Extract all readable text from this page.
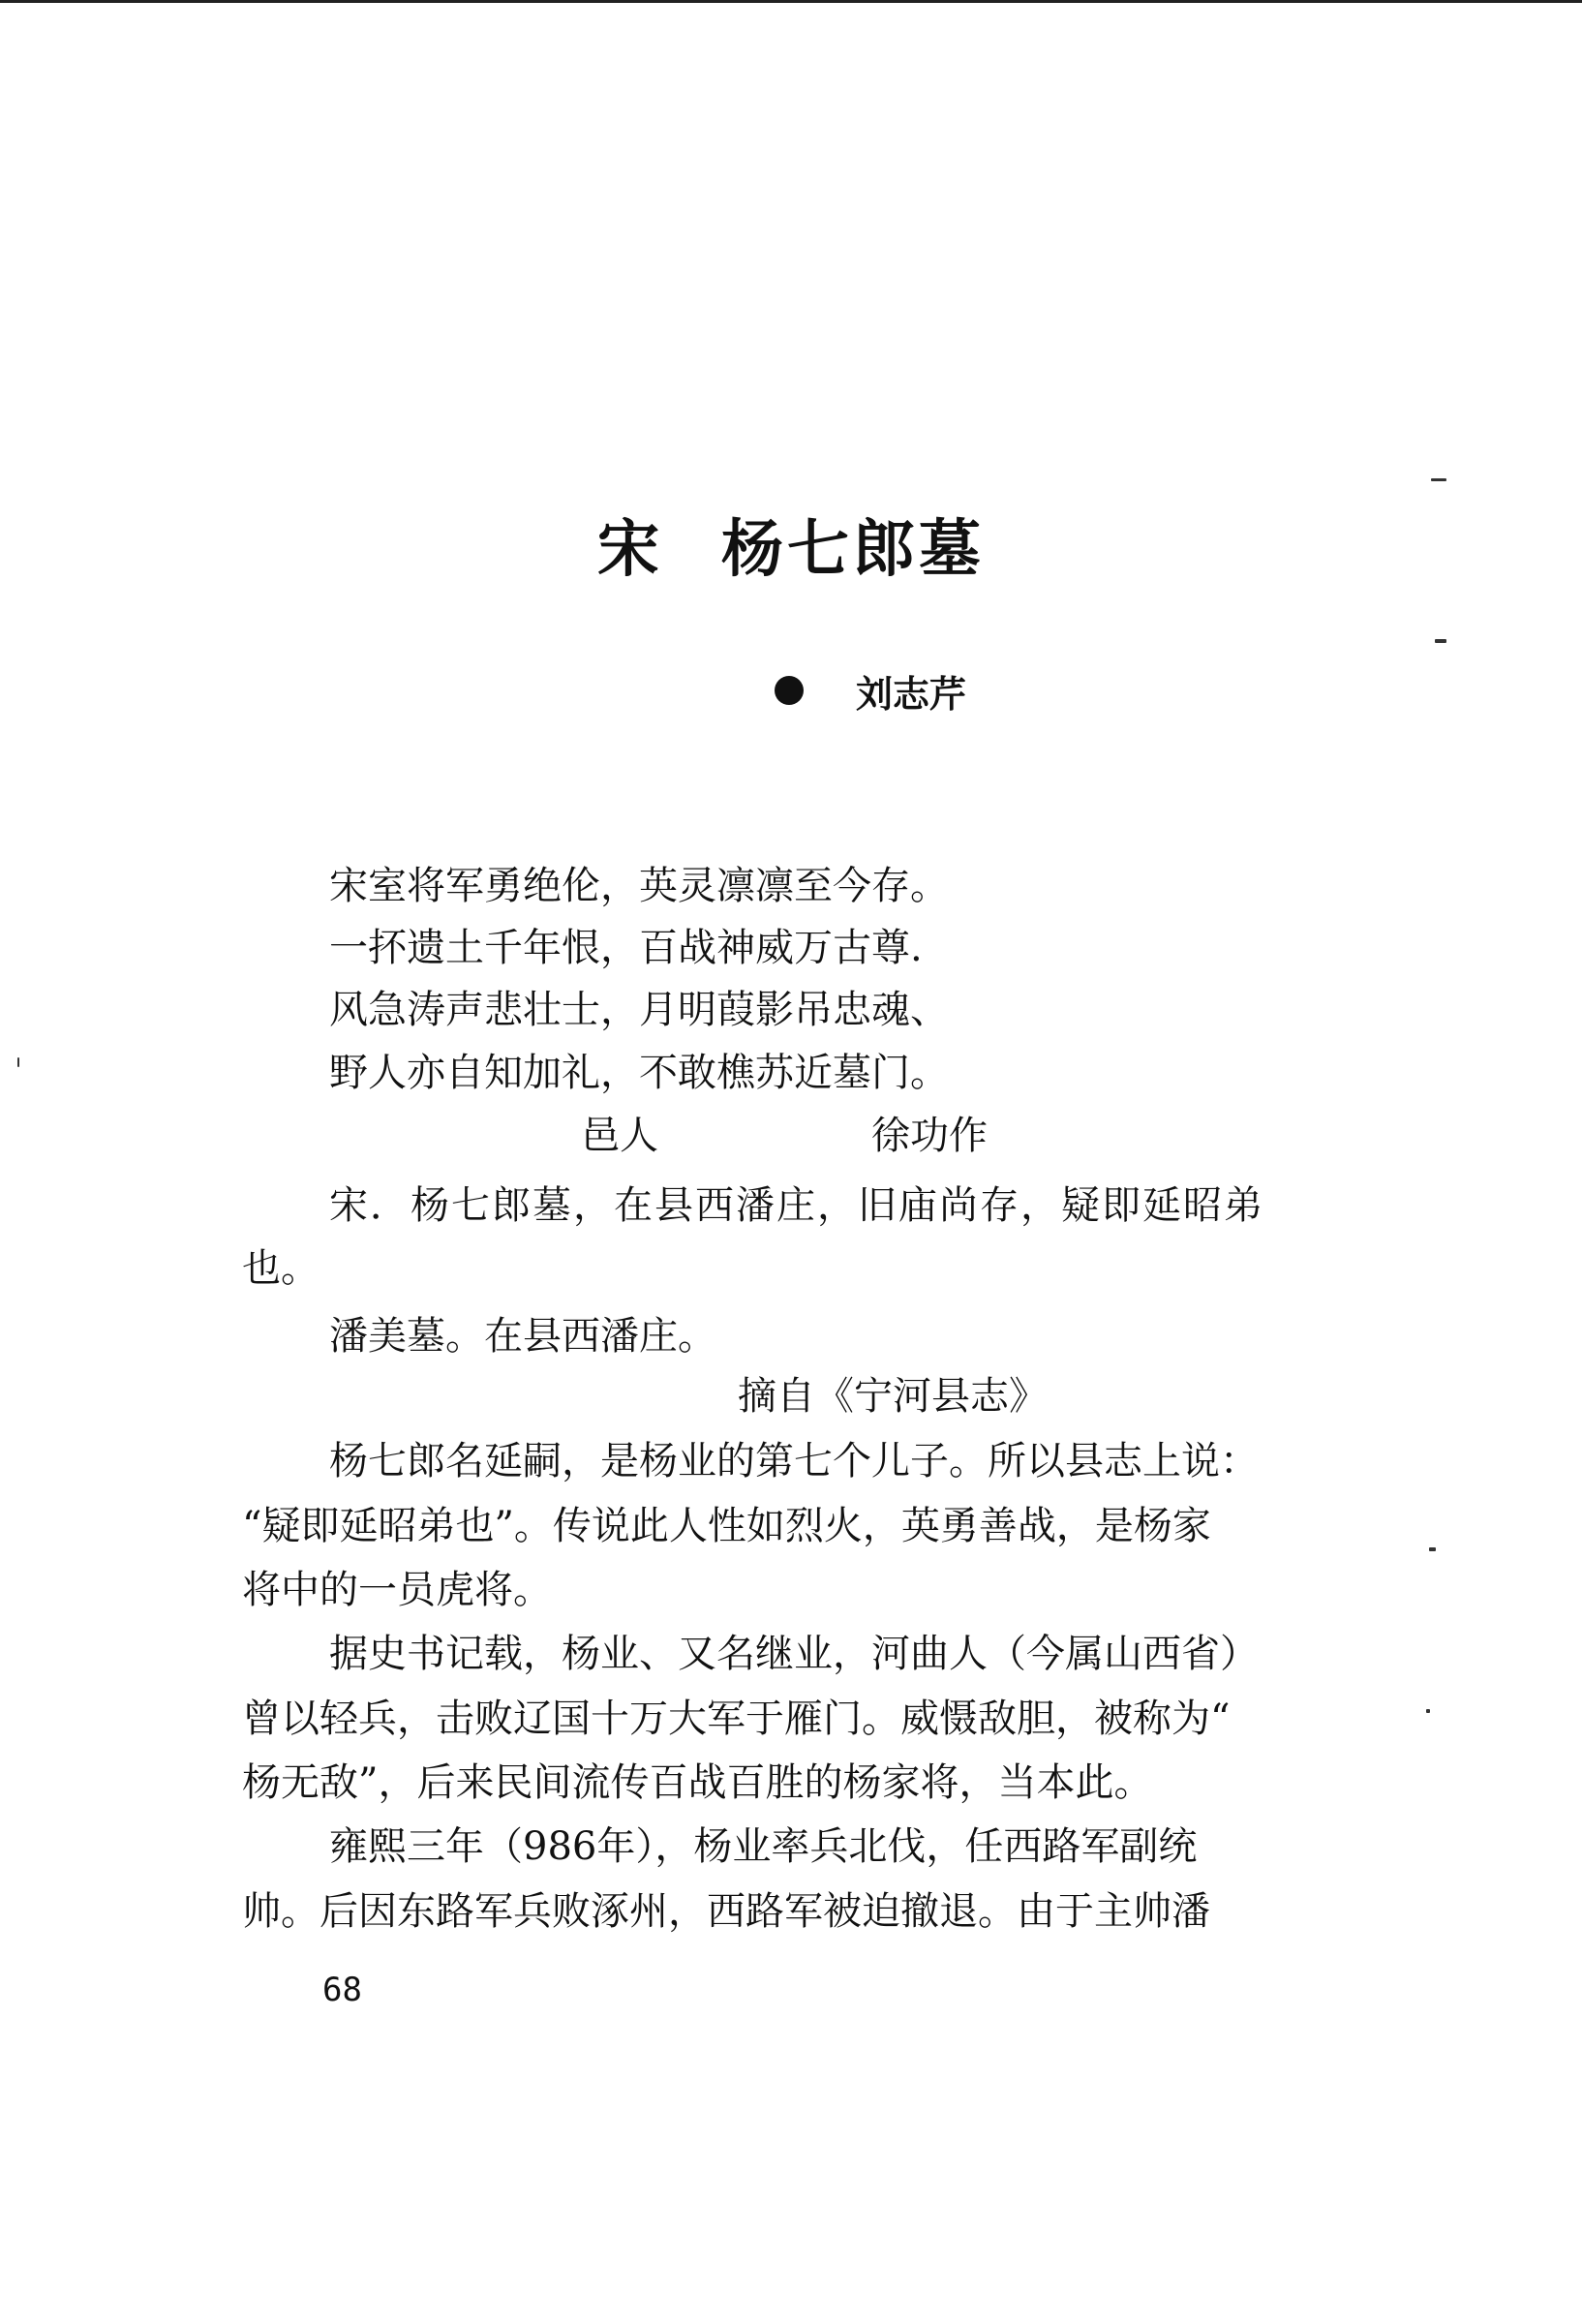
宋 杨七郎墓
刘志芹
宋室将军勇绝伦，英灵凛凛至今存。
一抔遗土千年恨，百战神威万古尊.
风急涛声悲壮士，月明葭影吊忠魂、
野人亦自知加礼，不敢樵苏近墓门。
邑人	徐功作
宋．杨七郎墓，在县西潘庄，旧庙尚存，疑即延昭弟
也。
潘美墓。在县西潘庄。
摘自《宁河县志》
杨七郎名延嗣，是杨业的第七个儿子。所以县志上说：
“疑即延昭弟也”。传说此人性如烈火，英勇善战，是杨家
将中的一员虎将。
据史书记载，杨业、又名继业，河曲人（今属山西省）
曾以轻兵，击败辽国十万大军于雁门。威慑敌胆，被称为“
杨无敌”，后来民间流传百战百胜的杨家将，当本此。
雍熙三年（986年），杨业率兵北伐，任西路军副统
帅。后因东路军兵败涿州，西路军被迫撤退。由于主帅潘
68
